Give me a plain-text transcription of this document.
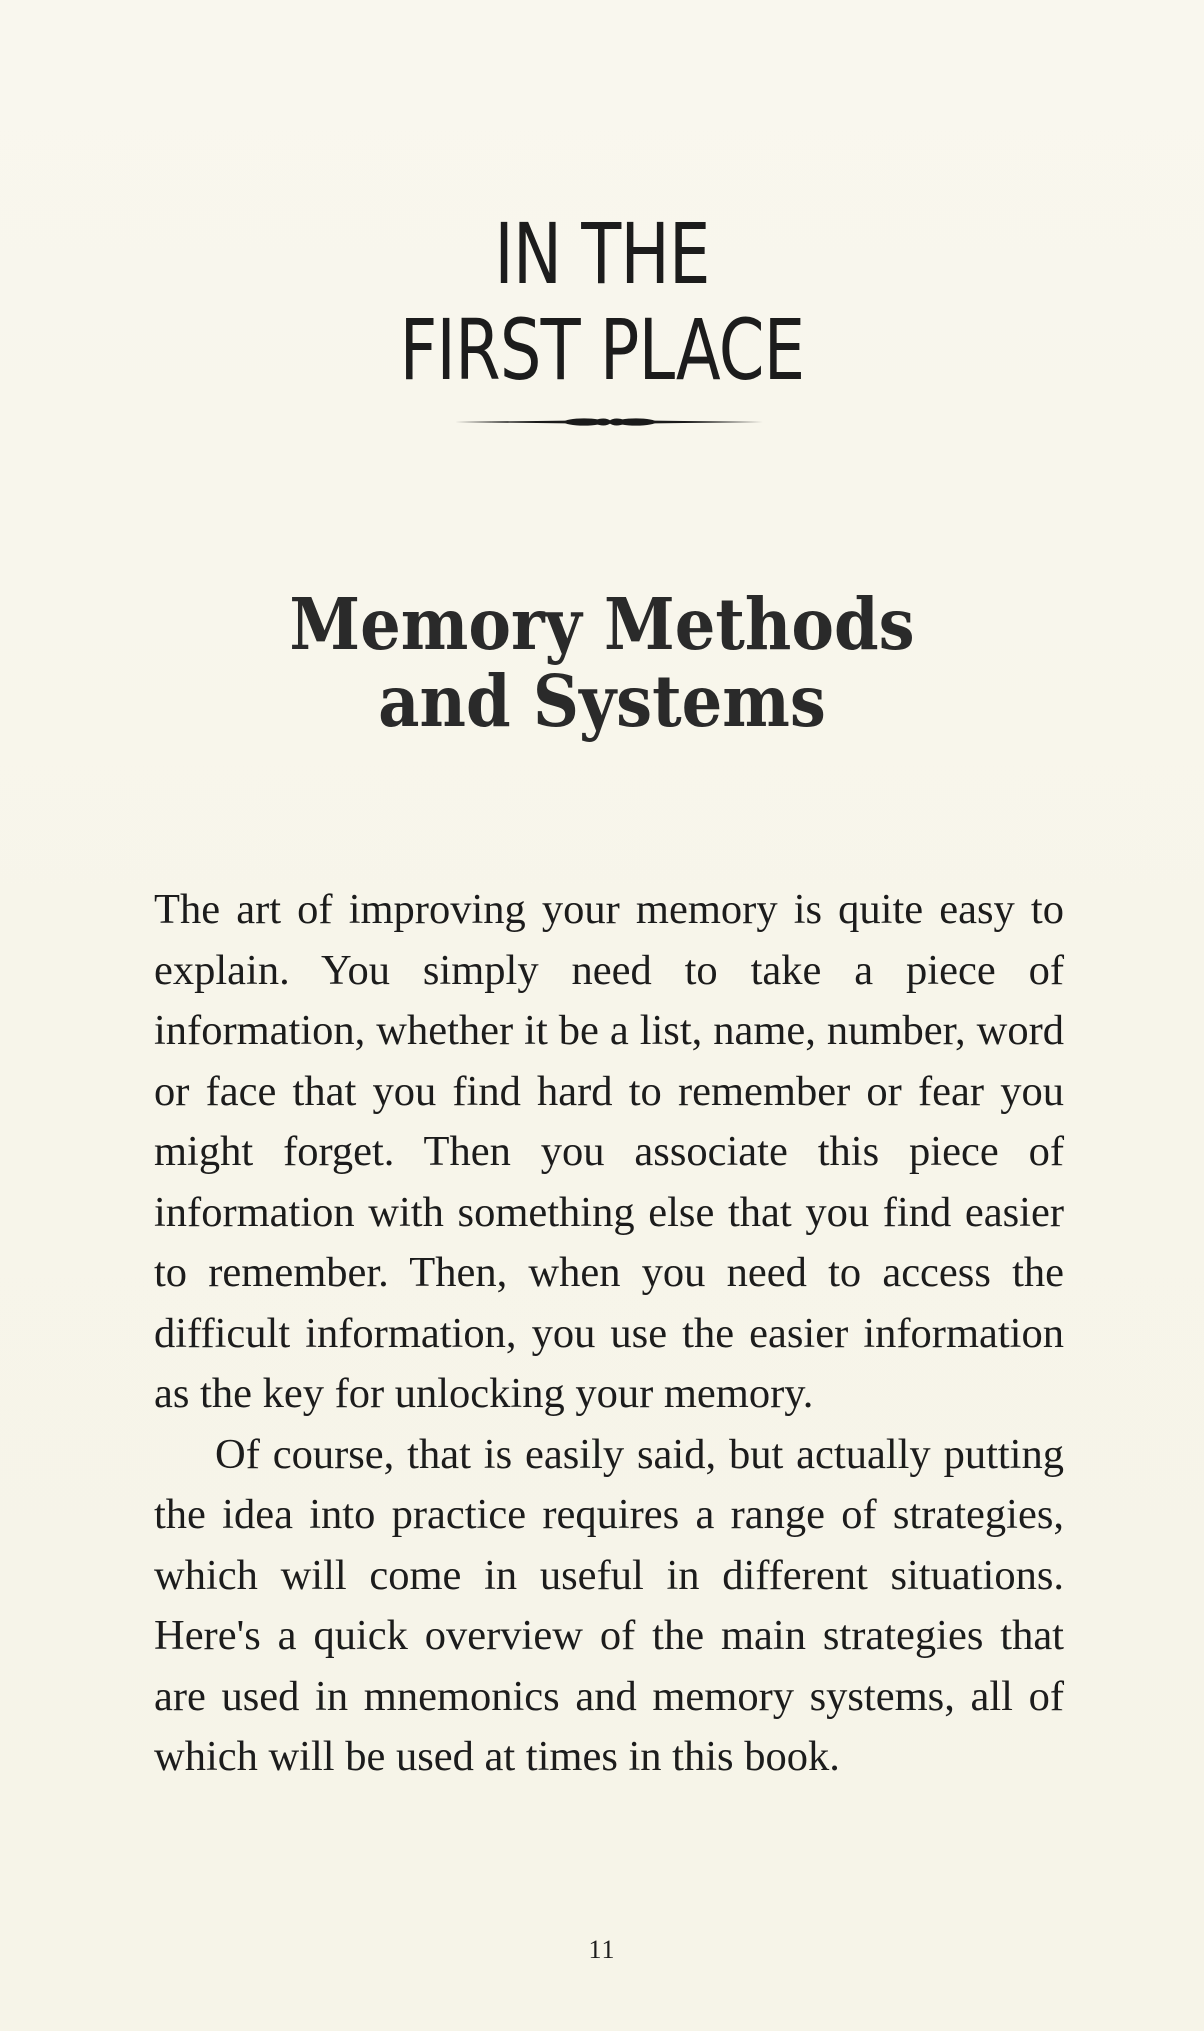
IN THE
FIRST PLACE
Memory Methods
and Systems

The art of improving your memory is quite easy to explain. You simply need to take a piece of information, whether it be a list, name, number, word or face that you find hard to remember or fear you might forget. Then you associate this piece of information with something else that you find easier to remember. Then, when you need to access the difficult information, you use the easier information as the key for unlocking your memory.

Of course, that is easily said, but actually putting the idea into practice requires a range of strategies, which will come in useful in different situations. Here's a quick overview of the main strategies that are used in mnemonics and memory systems, all of which will be used at times in this book.

11
